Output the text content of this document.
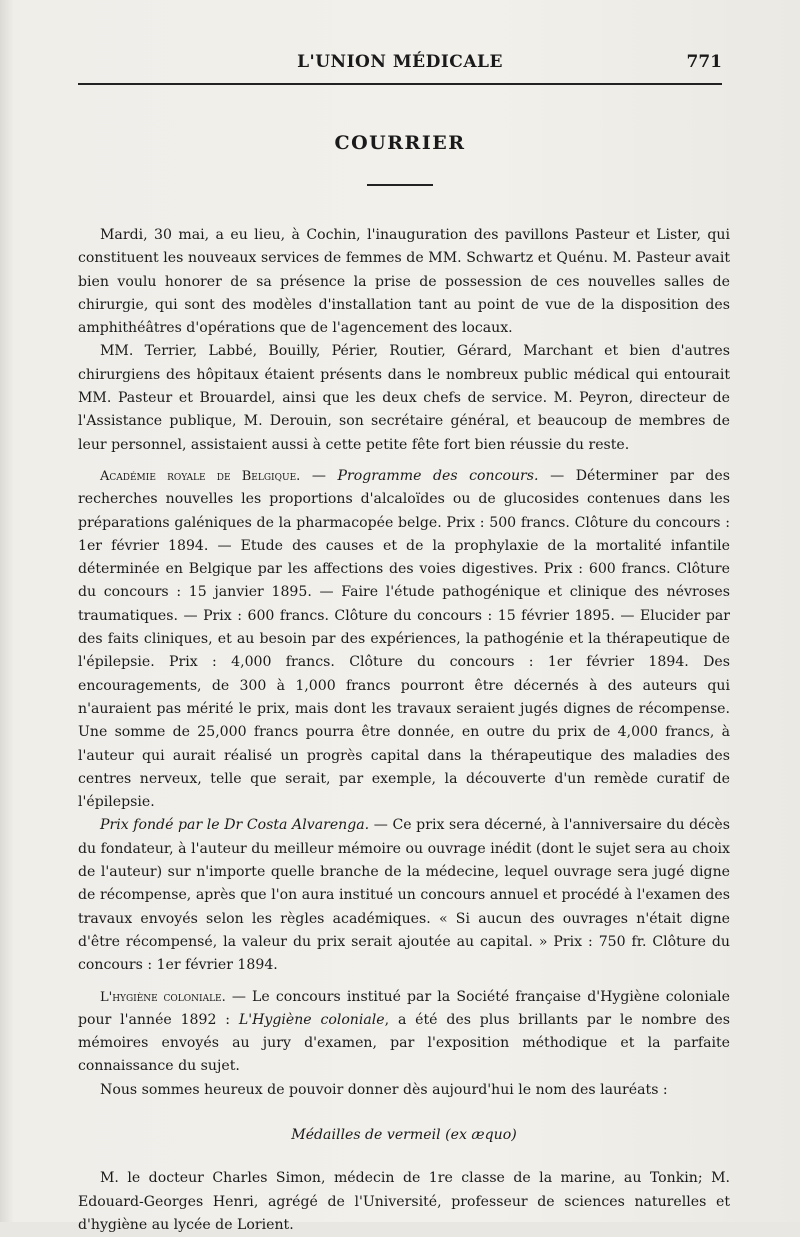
L'UNION MÉDICALE	771
COURRIER

Mardi, 30 mai, a eu lieu, à Cochin, l'inauguration des pavillons Pasteur et Lister, qui constituent les nouveaux services de femmes de MM. Schwartz et Quénu. M. Pasteur avait bien voulu honorer de sa présence la prise de possession de ces nouvelles salles de chirurgie, qui sont des modèles d'installation tant au point de vue de la disposition des amphithéâtres d'opérations que de l'agencement des locaux.

MM. Terrier, Labbé, Bouilly, Périer, Routier, Gérard, Marchant et bien d'autres chirurgiens des hôpitaux étaient présents dans le nombreux public médical qui entourait MM. Pasteur et Brouardel, ainsi que les deux chefs de service. M. Peyron, directeur de l'Assistance publique, M. Derouin, son secrétaire général, et beaucoup de membres de leur personnel, assistaient aussi à cette petite fête fort bien réussie du reste.

Académie royale de Belgique. — Programme des concours. — Déterminer par des recherches nouvelles les proportions d'alcaloïdes ou de glucosides contenues dans les préparations galéniques de la pharmacopée belge. Prix : 500 francs. Clôture du concours : 1er février 1894. — Etude des causes et de la prophylaxie de la mortalité infantile déterminée en Belgique par les affections des voies digestives. Prix : 600 francs. Clôture du concours : 15 janvier 1895. — Faire l'étude pathogénique et clinique des névroses traumatiques. — Prix : 600 francs. Clôture du concours : 15 février 1895. — Elucider par des faits cliniques, et au besoin par des expériences, la pathogénie et la thérapeutique de l'épilepsie. Prix : 4,000 francs. Clôture du concours : 1er février 1894. Des encouragements, de 300 à 1,000 francs pourront être décernés à des auteurs qui n'auraient pas mérité le prix, mais dont les travaux seraient jugés dignes de récompense. Une somme de 25,000 francs pourra être donnée, en outre du prix de 4,000 francs, à l'auteur qui aurait réalisé un progrès capital dans la thérapeutique des maladies des centres nerveux, telle que serait, par exemple, la découverte d'un remède curatif de l'épilepsie.

Prix fondé par le Dr Costa Alvarenga. — Ce prix sera décerné, à l'anniversaire du décès du fondateur, à l'auteur du meilleur mémoire ou ouvrage inédit (dont le sujet sera au choix de l'auteur) sur n'importe quelle branche de la médecine, lequel ouvrage sera jugé digne de récompense, après que l'on aura institué un concours annuel et procédé à l'examen des travaux envoyés selon les règles académiques. « Si aucun des ouvrages n'était digne d'être récompensé, la valeur du prix serait ajoutée au capital. » Prix : 750 fr. Clôture du concours : 1er février 1894.

L'hygiène coloniale. — Le concours institué par la Société française d'Hygiène coloniale pour l'année 1892 : L'Hygiène coloniale, a été des plus brillants par le nombre des mémoires envoyés au jury d'examen, par l'exposition méthodique et la parfaite connaissance du sujet.

Nous sommes heureux de pouvoir donner dès aujourd'hui le nom des lauréats :

Médailles de vermeil (ex æquo)

M. le docteur Charles Simon, médecin de 1re classe de la marine, au Tonkin; M. Edouard-Georges Henri, agrégé de l'Université, professeur de sciences naturelles et d'hygiène au lycée de Lorient.
